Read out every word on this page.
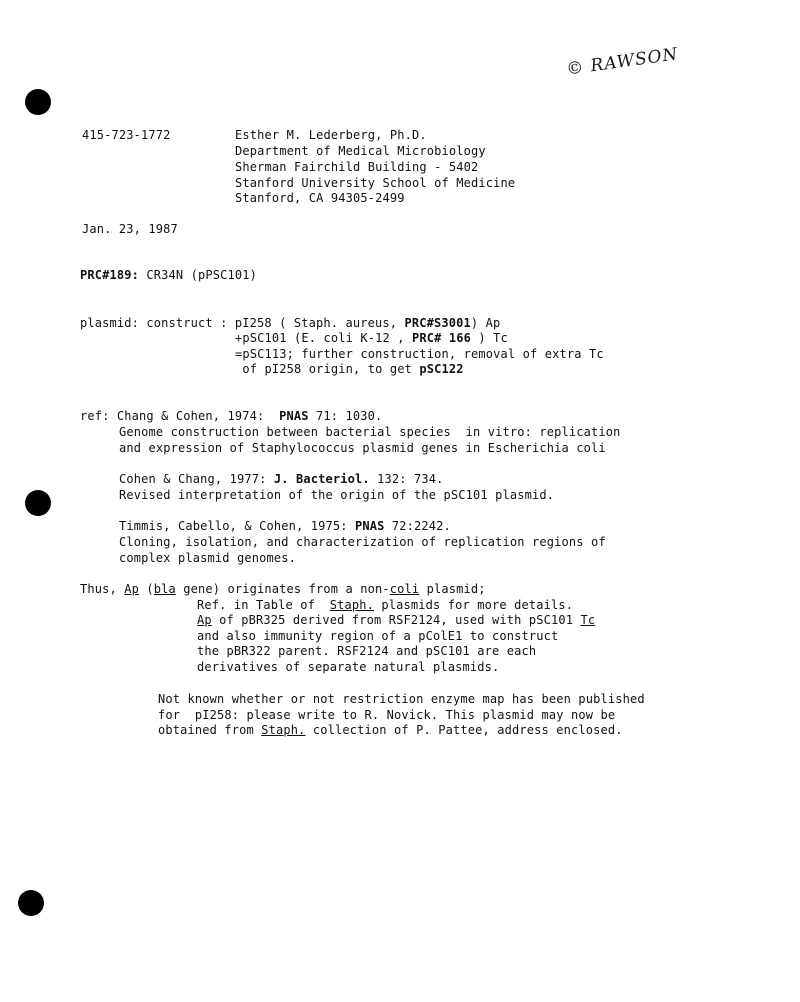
© RAWSON
415-723-1772	Esther M. Lederberg, Ph.D.
Department of Medical Microbiology
Sherman Fairchild Building - 5402
Stanford University School of Medicine
Stanford, CA 94305-2499
Jan. 23, 1987
PRC#189: CR34N (pPSC101)
plasmid: construct : pI258 ( Staph. aureus, PRC#S3001) Ap
+pSC101 (E. coli K-12 , PRC# 166 ) Tc
=pSC113; further construction, removal of extra Tc
of pI258 origin, to get pSC122
ref: Chang & Cohen, 1974:  PNAS 71: 1030.
Genome construction between bacterial species  in vitro: replication
and expression of Staphylococcus plasmid genes in Escherichia coli
Cohen & Chang, 1977: J. Bacteriol. 132: 734.
Revised interpretation of the origin of the pSC101 plasmid.
Timmis, Cabello, & Cohen, 1975: PNAS 72:2242.
Cloning, isolation, and characterization of replication regions of
complex plasmid genomes.
Thus, Ap (bla gene) originates from a non-coli plasmid;
Ref. in Table of  Staph. plasmids for more details.
Ap of pBR325 derived from RSF2124, used with pSC101 Tc
and also immunity region of a pColE1 to construct
the pBR322 parent. RSF2124 and pSC101 are each
derivatives of separate natural plasmids.
Not known whether or not restriction enzyme map has been published
for  pI258: please write to R. Novick. This plasmid may now be
obtained from Staph. collection of P. Pattee, address enclosed.
